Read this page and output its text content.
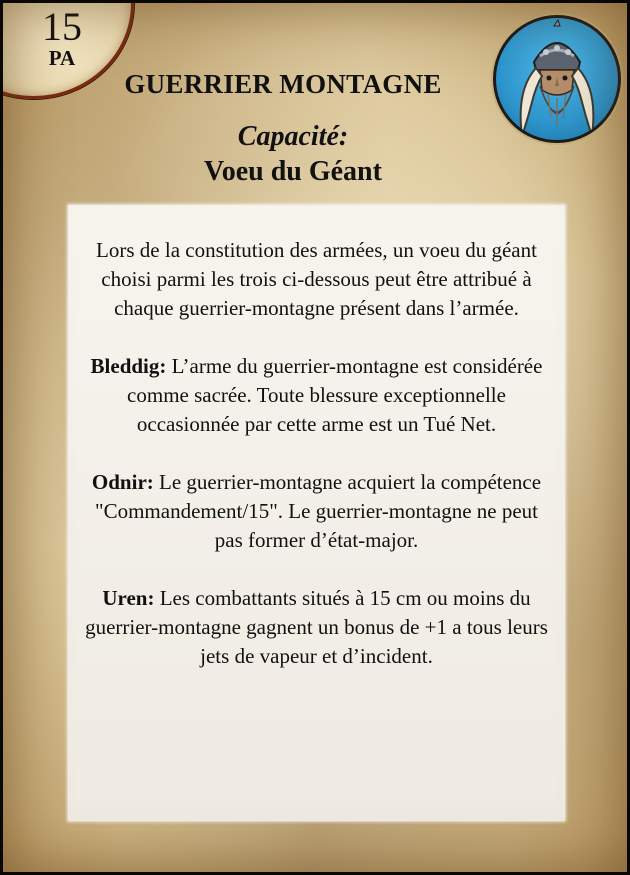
15
PA
GUERRIER MONTAGNE
Capacité:
Voeu du Géant

Lors de la constitution des armées, un voeu du géant choisi parmi les trois ci-dessous peut être attribué à chaque guerrier-montagne présent dans l’armée.

Bleddig: L’arme du guerrier-montagne est considérée comme sacrée. Toute blessure exceptionnelle occasionnée par cette arme est un Tué Net.

Odnir: Le guerrier-montagne acquiert la compétence "Commandement/15". Le guerrier-montagne ne peut pas former d’état-major.

Uren: Les combattants situés à 15 cm ou moins du guerrier-montagne gagnent un bonus de +1 a tous leurs jets de vapeur et d’incident.
